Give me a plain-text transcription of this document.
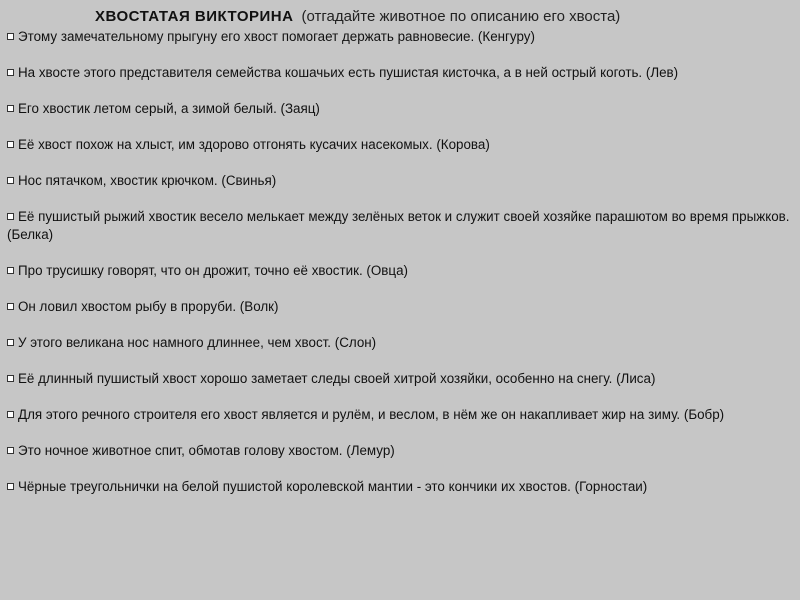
ХВОСТАТАЯ ВИКТОРИНА (отгадайте животное по описанию его хвоста)
Этому замечательному прыгуну его хвост помогает держать равновесие. (Кенгуру)
На хвосте этого представителя семейства кошачьих есть пушистая кисточка, а в ней острый коготь. (Лев)
Его хвостик летом серый, а зимой белый. (Заяц)
Её хвост похож на хлыст, им здорово отгонять кусачих насекомых. (Корова)
Нос пятачком, хвостик крючком. (Свинья)
Её пушистый рыжий хвостик весело мелькает между зелёных веток и служит своей хозяйке парашютом во время прыжков. (Белка)
Про трусишку говорят, что он дрожит, точно её хвостик. (Овца)
Он ловил хвостом рыбу в проруби. (Волк)
У этого великана нос намного длиннее, чем хвост. (Слон)
Её длинный пушистый хвост хорошо заметает следы своей хитрой хозяйки, особенно на снегу. (Лиса)
Для этого речного строителя его хвост является и рулём, и веслом, в нём же он накапливает жир на зиму. (Бобр)
Это ночное животное спит, обмотав голову хвостом. (Лемур)
Чёрные треугольнички на белой пушистой королевской мантии - это кончики их хвостов. (Горностаи)
